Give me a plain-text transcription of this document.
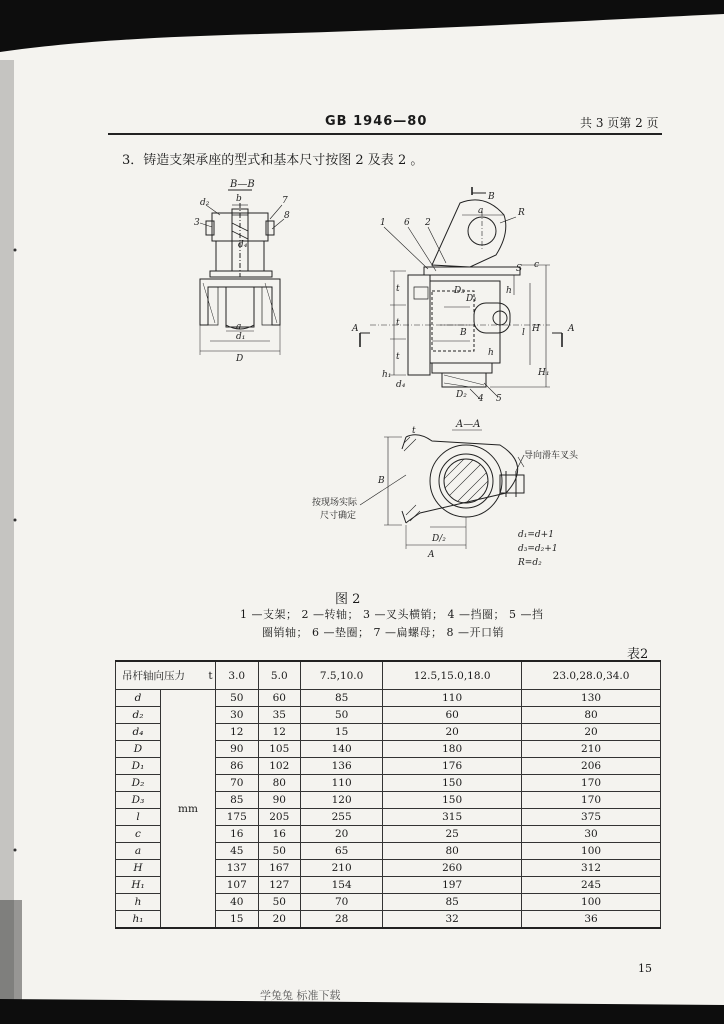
学兔兔 标准下载
GB 1946—80	共 3 页第 2 页
3．铸造支架承座的型式和基本尺寸按图 2 及表 2 。
B—B
d₂	b	7
8
3
d₄
a
d₁
D
B
1 6 2
R
a
S c
D₁
D₃	h
B	H
l	A
A
H₁
t
t
t
h₁
d₄
D₂	5
4
h
A—A
B
D/₂
A
t
导向滑车叉头
按现场实际
尺寸确定
d₁=d+1
d₃=d₂+1
R=d₂
图 2
1 —支架； 2 —转轴； 3 —叉头横销； 4 —挡圈； 5 —挡
圈销轴； 6 —垫圈； 7 —扁螺母； 8 —开口销
表2
吊杆轴向压力 t		3.0	5.0	7.5,10.0	12.5,15.0,18.0	23.0,28.0,34.0
d	mm	50	60	85	110	130
d₂		30	35	50	60	80
d₄		12	12	15	20	20
D		90	105	140	180	210
D₁		86	102	136	176	206
D₂		70	80	110	150	170
D₃		85	90	120	150	170
l		175	205	255	315	375
c		16	16	20	25	30
a		45	50	65	80	100
H		137	167	210	260	312
H₁		107	127	154	197	245
h		40	50	70	85	100
h₁		15	20	28	32	36
15
